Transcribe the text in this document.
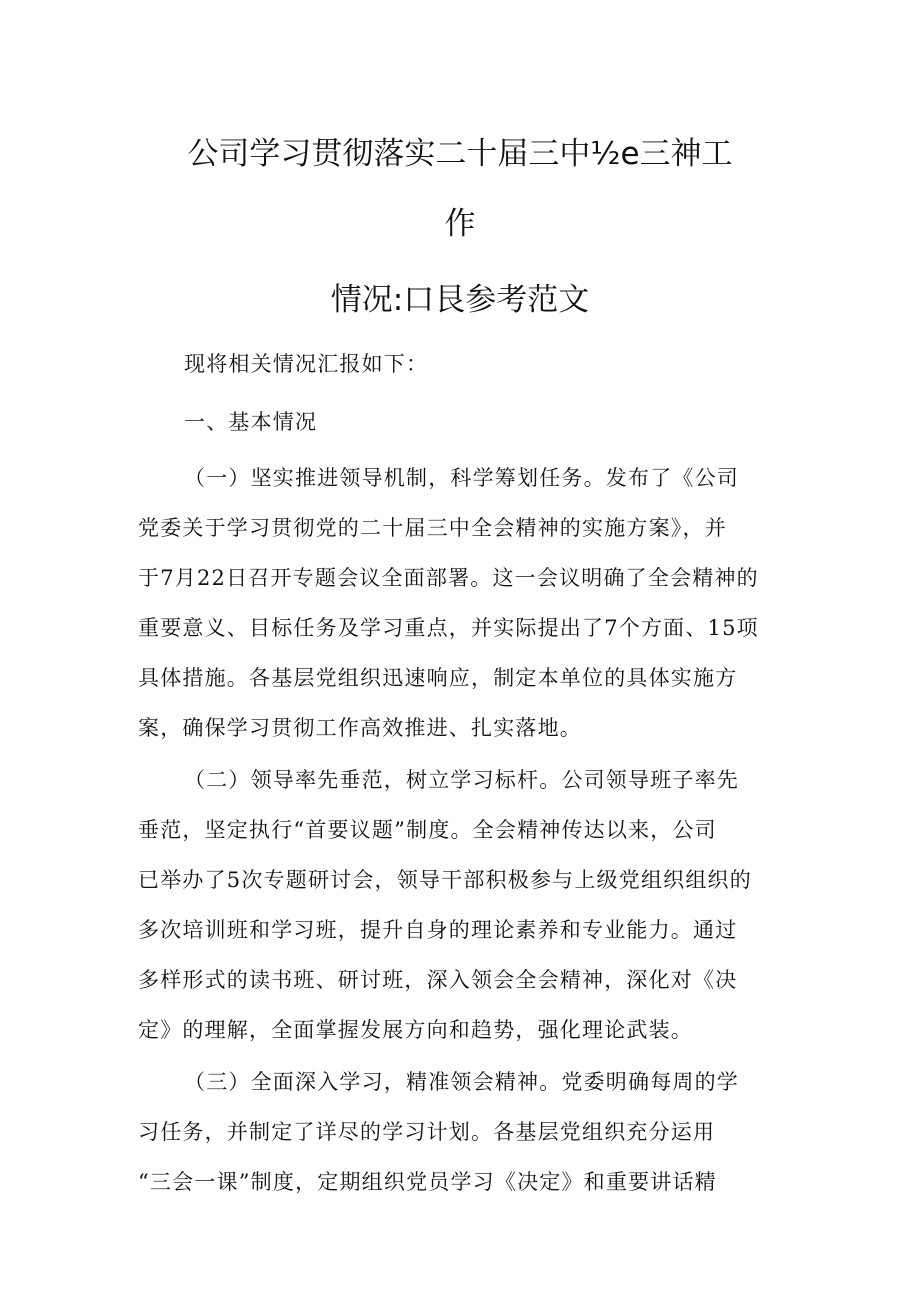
公司学习贯彻落实二十届三中½e三神工
作
情况:口艮参考范文
现将相关情况汇报如下：
一、基本情况
（一）坚实推进领导机制，科学筹划任务。发布了《公司
党委关于学习贯彻党的二十届三中全会精神的实施方案》，并
于7月22日召开专题会议全面部署。这一会议明确了全会精神的
重要意义、目标任务及学习重点，并实际提出了7个方面、15项
具体措施。各基层党组织迅速响应，制定本单位的具体实施方
案，确保学习贯彻工作高效推进、扎实落地。
（二）领导率先垂范，树立学习标杆。公司领导班子率先
垂范，坚定执行“首要议题”制度。全会精神传达以来，公司
已举办了5次专题研讨会，领导干部积极参与上级党组织组织的
多次培训班和学习班，提升自身的理论素养和专业能力。通过
多样形式的读书班、研讨班，深入领会全会精神，深化对《决
定》的理解，全面掌握发展方向和趋势，强化理论武装。
（三）全面深入学习，精准领会精神。党委明确每周的学
习任务，并制定了详尽的学习计划。各基层党组织充分运用
“三会一课”制度，定期组织党员学习《决定》和重要讲话精
